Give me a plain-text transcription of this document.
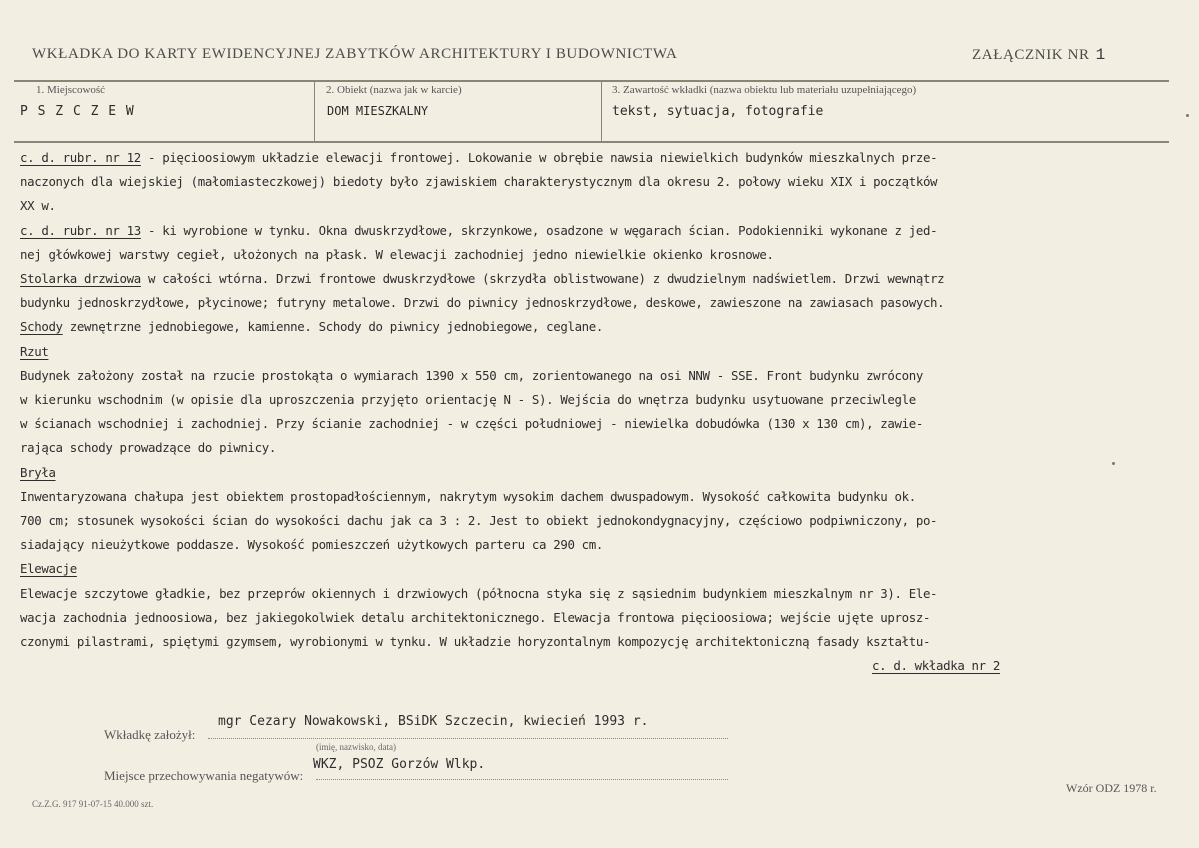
WKŁADKA DO KARTY EWIDENCYJNEJ ZABYTKÓW ARCHITEKTURY I BUDOWNICTWA	ZAŁĄCZNIK NR 1
1. Miejscowość
P S Z C Z E W
2. Obiekt (nazwa jak w karcie)
DOM MIESZKALNY
3. Zawartość wkładki (nazwa obiektu lub materiału uzupełniającego)
tekst, sytuacja, fotografie

c. d. rubr. nr 12 - pięcioosiowym układzie elewacji frontowej. Lokowanie w obrębie nawsia niewielkich budynków mieszkalnych prze-

naczonych dla wiejskiej (małomiasteczkowej) biedoty było zjawiskiem charakterystycznym dla okresu 2. połowy wieku XIX i początków

XX w.

c. d. rubr. nr 13 - ki wyrobione w tynku. Okna dwuskrzydłowe, skrzynkowe, osadzone w węgarach ścian. Podokienniki wykonane z jed-

nej główkowej warstwy cegieł, ułożonych na płask. W elewacji zachodniej jedno niewielkie okienko krosnowe.

Stolarka drzwiowa w całości wtórna. Drzwi frontowe dwuskrzydłowe (skrzydła oblistwowane) z dwudzielnym nadświetlem. Drzwi wewnątrz

budynku jednoskrzydłowe, płycinowe; futryny metalowe. Drzwi do piwnicy jednoskrzydłowe, deskowe, zawieszone na zawiasach pasowych.

Schody zewnętrzne jednobiegowe, kamienne. Schody do piwnicy jednobiegowe, ceglane.

Rzut

Budynek założony został na rzucie prostokąta o wymiarach 1390 x 550 cm, zorientowanego na osi NNW - SSE. Front budynku zwrócony

w kierunku wschodnim (w opisie dla uproszczenia przyjęto orientację N - S). Wejścia do wnętrza budynku usytuowane przeciwlegle

w ścianach wschodniej i zachodniej. Przy ścianie zachodniej - w części południowej - niewielka dobudówka (130 x 130 cm), zawie-

rająca schody prowadzące do piwnicy.

Bryła

Inwentaryzowana chałupa jest obiektem prostopadłościennym, nakrytym wysokim dachem dwuspadowym. Wysokość całkowita budynku ok.

700 cm; stosunek wysokości ścian do wysokości dachu jak ca 3 : 2. Jest to obiekt jednokondygnacyjny, częściowo podpiwniczony, po-

siadający nieużytkowe poddasze. Wysokość pomieszczeń użytkowych parteru ca 290 cm.

Elewacje

Elewacje szczytowe gładkie, bez przeprów okiennych i drzwiowych (północna styka się z sąsiednim budynkiem mieszkalnym nr 3). Ele-

wacja zachodnia jednoosiowa, bez jakiegokolwiek detalu architektonicznego. Elewacja frontowa pięcioosiowa; wejście ujęte uprosz-

czonymi pilastrami, spiętymi gzymsem, wyrobionymi w tynku. W układzie horyzontalnym kompozycję architektoniczną fasady kształtu-

c. d. wkładka nr 2

Wkładkę założył:
mgr Cezary Nowakowski, BSiDK Szczecin, kwiecień 1993 r.
(imię, nazwisko, data)
Miejsce przechowywania negatywów:
WKZ, PSOZ Gorzów Wlkp.
Wzór ODZ 1978 r.
Cz.Z.G. 917 91-07-15 40.000 szt.
